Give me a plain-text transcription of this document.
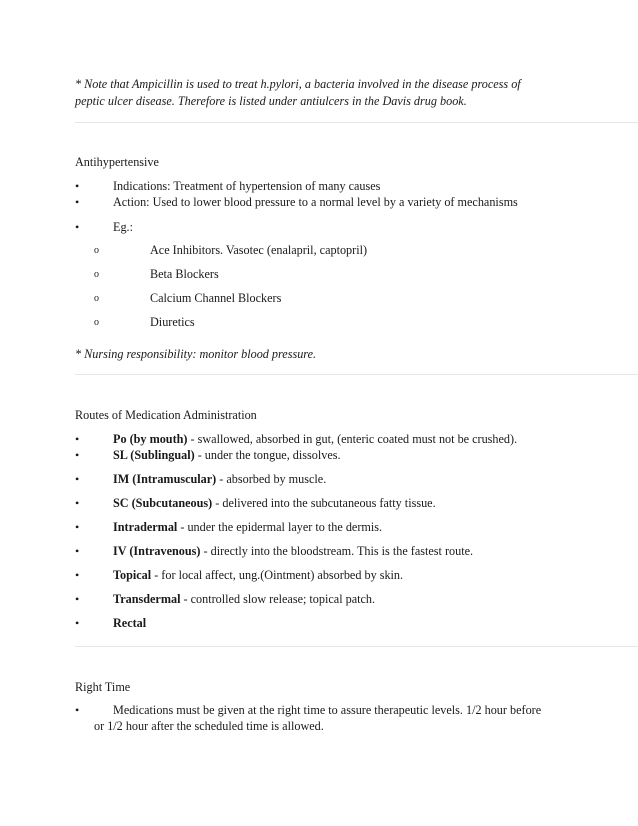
* Note that Ampicillin is used to treat h.pylori, a bacteria involved in the disease process of
peptic ulcer disease. Therefore is listed under antiulcers in the Davis drug book.
Antihypertensive
•	Indications: Treatment of hypertension of many causes
•	Action: Used to lower blood pressure to a normal level by a variety of mechanisms
•	Eg.:
o	Ace Inhibitors. Vasotec (enalapril, captopril)
o	Beta Blockers
o	Calcium Channel Blockers
o	Diuretics
* Nursing responsibility: monitor blood pressure.
Routes of Medication Administration
•	Po (by mouth) - swallowed, absorbed in gut, (enteric coated must not be crushed).
•	SL (Sublingual) - under the tongue, dissolves.
•	IM (Intramuscular) - absorbed by muscle.
•	SC (Subcutaneous) - delivered into the subcutaneous fatty tissue.
•	Intradermal - under the epidermal layer to the dermis.
•	IV (Intravenous) - directly into the bloodstream. This is the fastest route.
•	Topical - for local affect, ung.(Ointment) absorbed by skin.
•	Transdermal - controlled slow release; topical patch.
•	Rectal
Right Time
•	Medications must be given at the right time to assure therapeutic levels. 1/2 hour before
or 1/2 hour after the scheduled time is allowed.
